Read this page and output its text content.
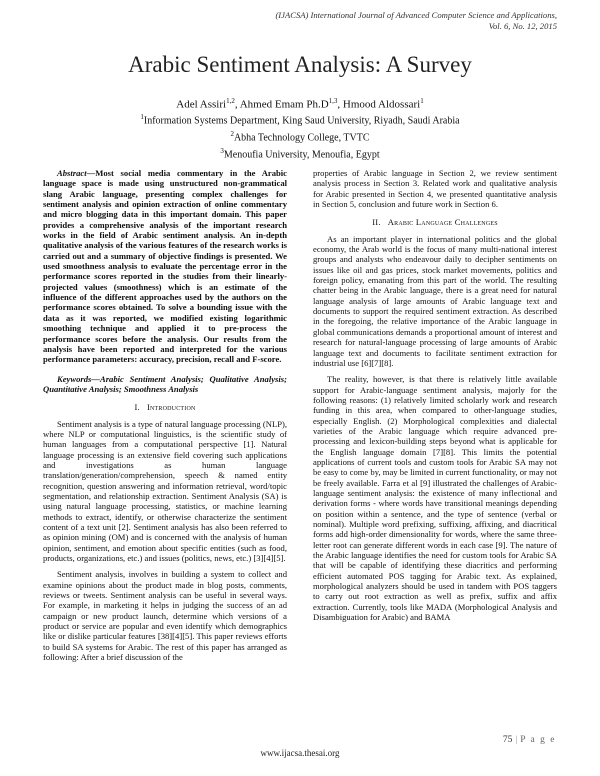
(IJACSA) International Journal of Advanced Computer Science and Applications,
Vol. 6, No. 12, 2015
Arabic Sentiment Analysis: A Survey
Adel Assiri$^{1,2}$, Ahmed Emam $Ph.D^{1,3}$, Hmood Aldossari$^1$
$^1$Information Systems Department, King Saud University, Riyadh, Saudi Arabia
$^2$Abha Technology College, TVTC
$^3$Menoufia University, Menoufia, Egypt

Abstract—Most social media commentary in the Arabic language space is made using unstructured non-grammatical slang Arabic language, presenting complex challenges for sentiment analysis and opinion extraction of online commentary and micro blogging data in this important domain. This paper provides a comprehensive analysis of the important research works in the field of Arabic sentiment analysis. An in-depth qualitative analysis of the various features of the research works is carried out and a summary of objective findings is presented. We used smoothness analysis to evaluate the percentage error in the performance scores reported in the studies from their linearly-projected values (smoothness) which is an estimate of the influence of the different approaches used by the authors on the performance scores obtained. To solve a bounding issue with the data as it was reported, we modified existing logarithmic smoothing technique and applied it to pre-process the performance scores before the analysis. Our results from the analysis have been reported and interpreted for the various performance parameters: accuracy, precision, recall and F-score.

Keywords—Arabic Sentiment Analysis; Qualitative Analysis; Quantitative Analysis; Smoothness Analysis

I. Introduction

Sentiment analysis is a type of natural language processing (NLP), where NLP or computational linguistics, is the scientific study of human languages from a computational perspective [1]. Natural language processing is an extensive field covering such applications and investigations as human language translation/generation/comprehension, speech & named entity recognition, question answering and information retrieval, word/topic segmentation, and relationship extraction. Sentiment Analysis (SA) is using natural language processing, statistics, or machine learning methods to extract, identify, or otherwise characterize the sentiment content of a text unit [2]. Sentiment analysis has also been referred to as opinion mining (OM) and is concerned with the analysis of human opinion, sentiment, and emotion about specific entities (such as food, products, organizations, etc.) and issues (politics, news, etc.) [3][4][5].

Sentiment analysis, involves in building a system to collect and examine opinions about the product made in blog posts, comments, reviews or tweets. Sentiment analysis can be useful in several ways. For example, in marketing it helps in judging the success of an ad campaign or new product launch, determine which versions of a product or service are popular and even identify which demographics like or dislike particular features [38][4][5]. This paper reviews efforts to build SA systems for Arabic. The rest of this paper has arranged as following: After a brief discussion of the

properties of Arabic language in Section 2, we review sentiment analysis process in Section 3. Related work and qualitative analysis for Arabic presented in Section 4, we presented quantitative analysis in Section 5, conclusion and future work in Section 6.

II. Arabic Language Challenges

As an important player in international politics and the global economy, the Arab world is the focus of many multi-national interest groups and analysts who endeavour daily to decipher sentiments on issues like oil and gas prices, stock market movements, politics and foreign policy, emanating from this part of the world. The resulting chatter being in the Arabic language, there is a great need for natural language analysis of large amounts of Arabic language text and documents to support the required sentiment extraction. As described in the foregoing, the relative importance of the Arabic language in global communications demands a proportional amount of interest and research for natural-language processing of large amounts of Arabic language text and documents to facilitate sentiment extraction for industrial use [6][7][8].

The reality, however, is that there is relatively little available support for Arabic-language sentiment analysis, majorly for the following reasons: (1) relatively limited scholarly work and research funding in this area, when compared to other-language studies, especially English. (2) Morphological complexities and dialectal varieties of the Arabic language which require advanced pre-processing and lexicon-building steps beyond what is applicable for the English language domain [7][8]. This limits the potential applications of current tools and custom tools for Arabic SA may not be easy to come by, may be limited in current functionality, or may not be freely available. Farra et al [9] illustrated the challenges of Arabic-language sentiment analysis: the existence of many inflectional and derivation forms - where words have transitional meanings depending on position within a sentence, and the type of sentence (verbal or nominal). Multiple word prefixing, suffixing, affixing, and diacritical forms add high-order dimensionality for words, where the same three-letter root can generate different words in each case [9]. The nature of the Arabic language identifies the need for custom tools for Arabic SA that will be capable of identifying these diacritics and performing efficient automated POS tagging for Arabic text. As explained, morphological analyzers should be used in tandem with POS taggers to carry out root extraction as well as prefix, suffix and affix extraction. Currently, tools like MADA (Morphological Analysis and Disambiguation for Arabic) and BAMA

75 | P a g e
www.ijacsa.thesai.org
